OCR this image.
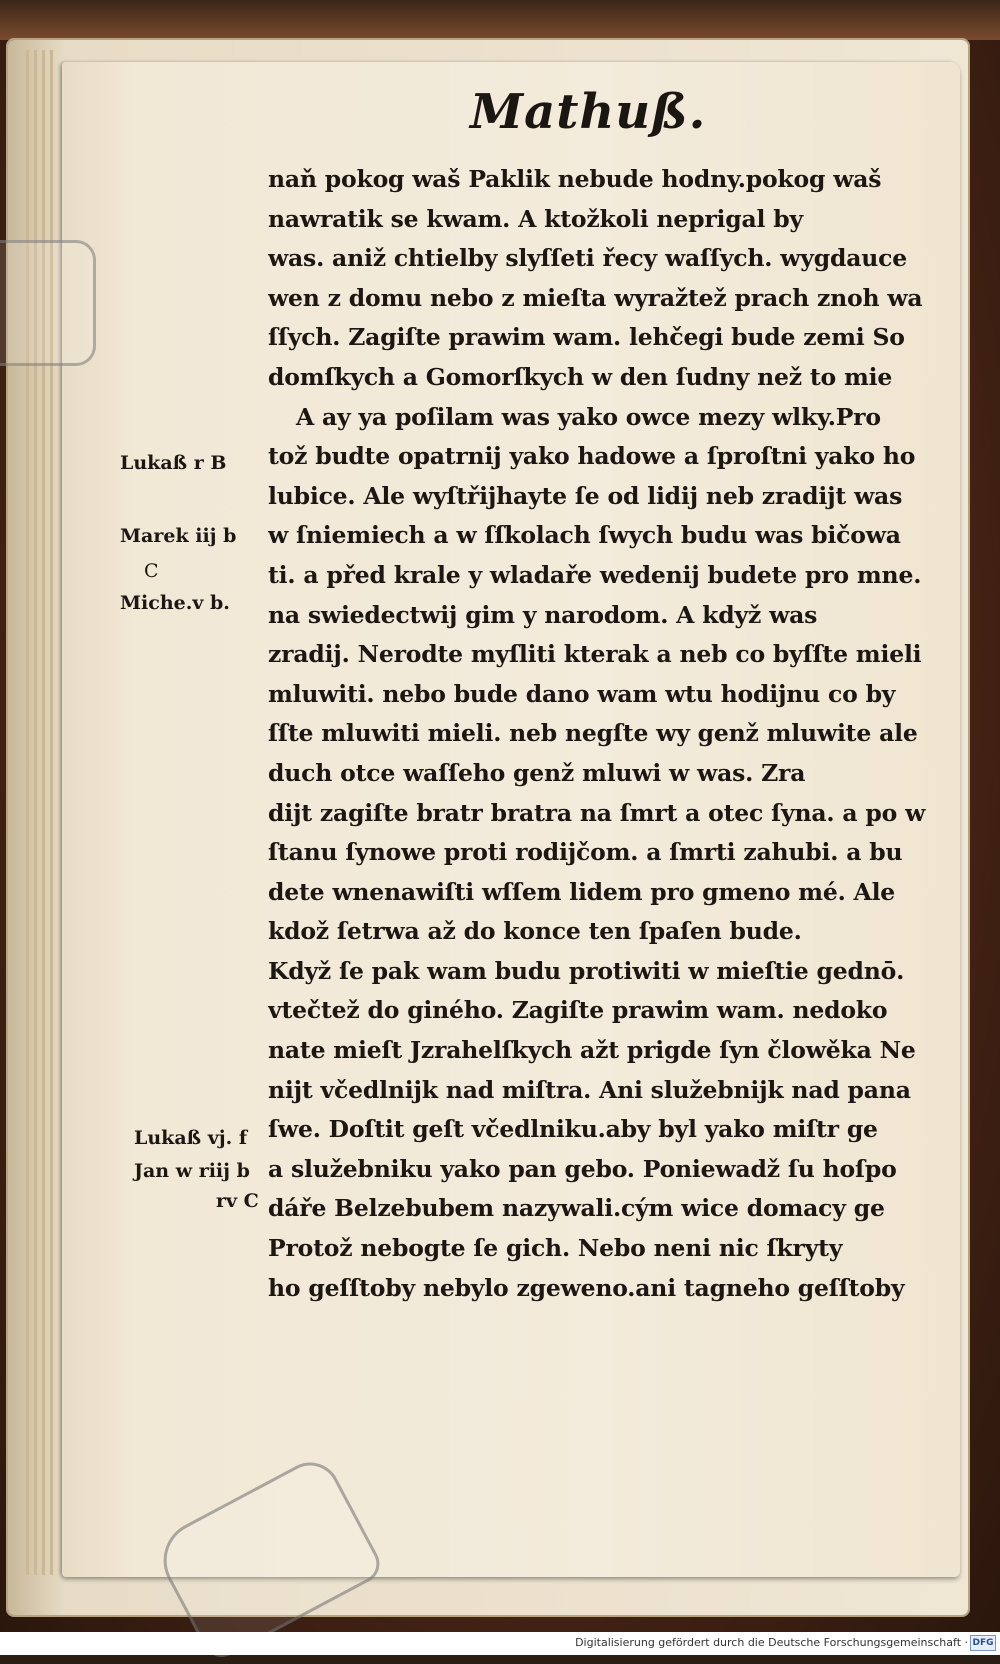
Mathuß.
Lukaß r B
Marek iij b
C
Miche.v b.
Lukaß vj. f
Jan w riij b
rv C
naň pokog waš Paklik nebude hodny.pokog waš
nawratik se kwam. A ktožkoli neprigal by
was. aniž chtielby slyſſeti řecy waſſych. wygdauce
wen z domu nebo z mieſta wyražtež prach znoh wa
ſſych. Zagiſte prawim wam. lehčegi bude zemi So
domſkych a Gomorſkych w den ſudny než to mie
A ay ya poſilam was yako owce mezy wlky.Pro
tož budte opatrnij yako hadowe a ſproſtni yako ho
lubice. Ale wyſtřijhayte ſe od lidij neb zradijt was
w ſniemiech a w ſſkolach ſwych budu was bičowa
ti. a před krale y wladaře wedenij budete pro mne.
na swiedectwij gim y narodom. A když was
zradij. Nerodte myſliti kterak a neb co byſſte mieli
mluwiti. nebo bude dano wam wtu hodijnu co by
ſſte mluwiti mieli. neb negſte wy genž mluwite ale
duch otce waſſeho genž mluwi w was. Zra
dijt zagiſte bratr bratra na ſmrt a otec ſyna. a po w
ſtanu ſynowe proti rodijčom. a ſmrti zahubi. a bu
dete wnenawiſti wſſem lidem pro gmeno mé. Ale
kdož ſetrwa až do konce ten ſpaſen bude.
Když ſe pak wam budu protiwiti w mieſtie gednō.
vtečtež do giného. Zagiſte prawim wam. nedoko
nate mieſt Jzrahelſkych ažt prigde ſyn člowěka Ne
nijt včedlnijk nad miſtra. Ani služebnijk nad pana
ſwe. Doſtit geſt včedlniku.aby byl yako miſtr ge
a služebniku yako pan gebo. Poniewadž ſu hoſpo
dáře Belzebubem nazywali.cým wice domacy ge
Protož nebogte ſe gich. Nebo neni nic ſkryty
ho geſſtoby nebylo zgeweno.ani tagneho geſſtoby
Digitalisierung gefördert durch die Deutsche Forschungsgemeinschaft · DFG
